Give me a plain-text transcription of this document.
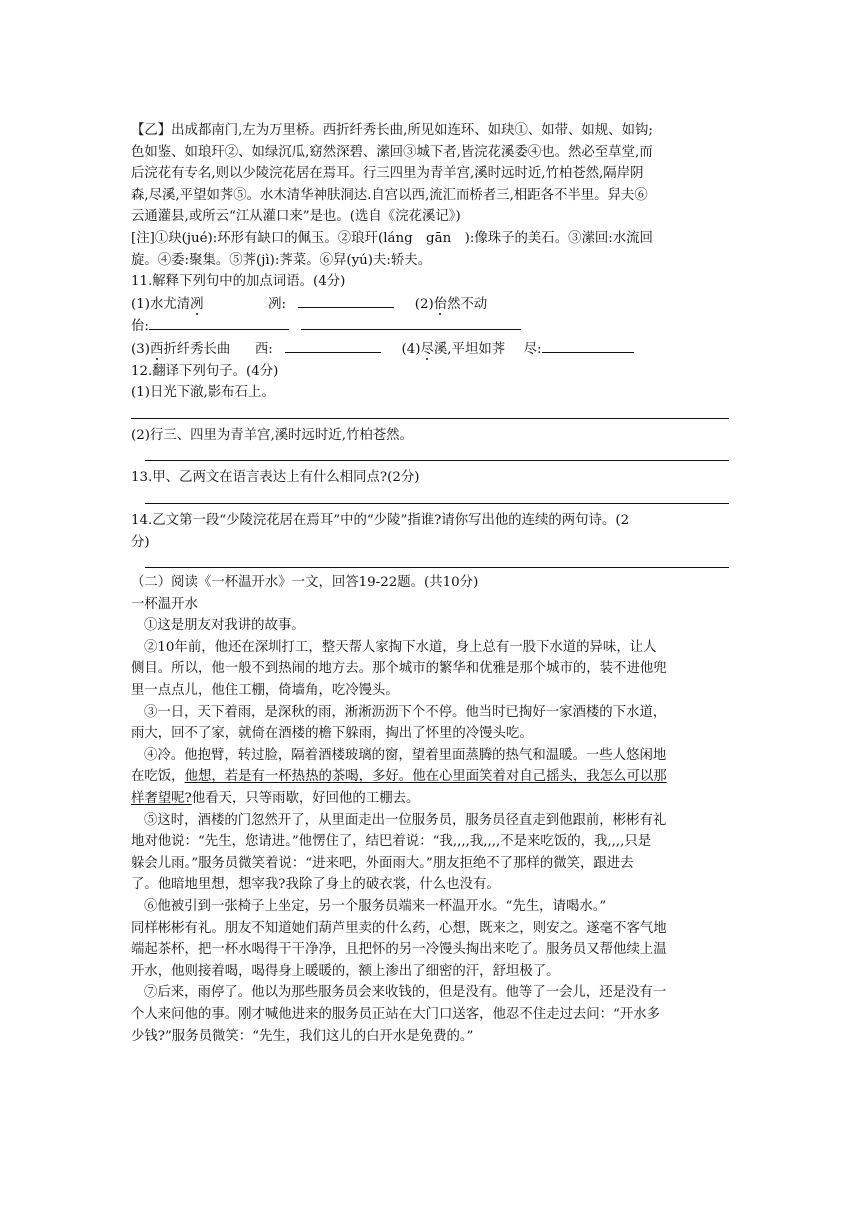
【乙】出成都南门,左为万里桥。西折纤秀长曲,所见如连环、如玦①、如带、如规、如钩;

色如鉴、如琅玕②、如绿沉瓜,窈然深碧、潆回③城下者,皆浣花溪委④也。然必至草堂,而

后浣花有专名,则以少陵浣花居在焉耳。行三四里为青羊宫,溪时远时近,竹柏苍然,隔岸阴

森,尽溪,平望如荠⑤。水木清华神肤洞达.自宫以西,流汇而桥者三,相距各不半里。舁夫⑥

云通灌县,或所云“江从灌口来”是也。(选自《浣花溪记》)

[注]①玦(jué):环形有缺口的佩玉。②琅玕(láng　gān　):像珠子的美石。③潆回:水流回

旋。④委:聚集。⑤荠(jì):荠菜。⑥舁(yú)夫:轿夫。

11.解释下列句中的加点词语。(4分)

(1)水尤清冽	冽:	(2)佁然不动

佁:

(3)西折纤秀长曲 西:	(4)尽溪,平坦如荠 尽:

12.翻译下列句子。(4分)

(1)日光下澈,影布石上。

(2)行三、四里为青羊宫,溪时远时近,竹柏苍然。

13.甲、乙两文在语言表达上有什么相同点?(2分)

14.乙文第一段“少陵浣花居在焉耳”中的“少陵”指谁?请你写出他的连续的两句诗。(2

分)

（二）阅读《一杯温开水》一文，回答19-22题。(共10分)

一杯温开水

①这是朋友对我讲的故事。

②10年前，他还在深圳打工，整天帮人家掏下水道，身上总有一股下水道的异味，让人

侧目。所以，他一般不到热闹的地方去。那个城市的繁华和优雅是那个城市的，装不进他兜

里一点点儿，他住工棚，倚墙角，吃冷馒头。

③一日，天下着雨，是深秋的雨，淅淅沥沥下个不停。他当时已掏好一家酒楼的下水道，

雨大，回不了家，就倚在酒楼的檐下躲雨，掏出了怀里的冷馒头吃。

④冷。他抱臂，转过脸，隔着酒楼玻璃的窗，望着里面蒸腾的热气和温暖。一些人悠闲地

在吃饭，他想，若是有一杯热热的茶喝，多好。他在心里面笑着对自己摇头，我怎么可以那

样奢望呢?他看天，只等雨歇，好回他的工棚去。

⑤这时，酒楼的门忽然开了，从里面走出一位服务员，服务员径直走到他跟前，彬彬有礼

地对他说：“先生，您请进。”他愣住了，结巴着说：“我,,,,我,,,,不是来吃饭的，我,,,,只是

躲会儿雨。”服务员微笑着说：“进来吧，外面雨大。”朋友拒绝不了那样的微笑，跟进去

了。他暗地里想，想宰我?我除了身上的破衣裳，什么也没有。

⑥他被引到一张椅子上坐定，另一个服务员端来一杯温开水。“先生，请喝水。”

同样彬彬有礼。朋友不知道她们葫芦里卖的什么药，心想，既来之，则安之。遂毫不客气地

端起茶杯，把一杯水喝得干干净净，且把怀的另一冷馒头掏出来吃了。服务员又帮他续上温

开水，他则接着喝，喝得身上暖暖的，额上渗出了细密的汗，舒坦极了。

⑦后来，雨停了。他以为那些服务员会来收钱的，但是没有。他等了一会儿，还是没有一

个人来问他的事。刚才喊他进来的服务员正站在大门口送客，他忍不住走过去问：“开水多

少钱?”服务员微笑：“先生，我们这儿的白开水是免费的。”
